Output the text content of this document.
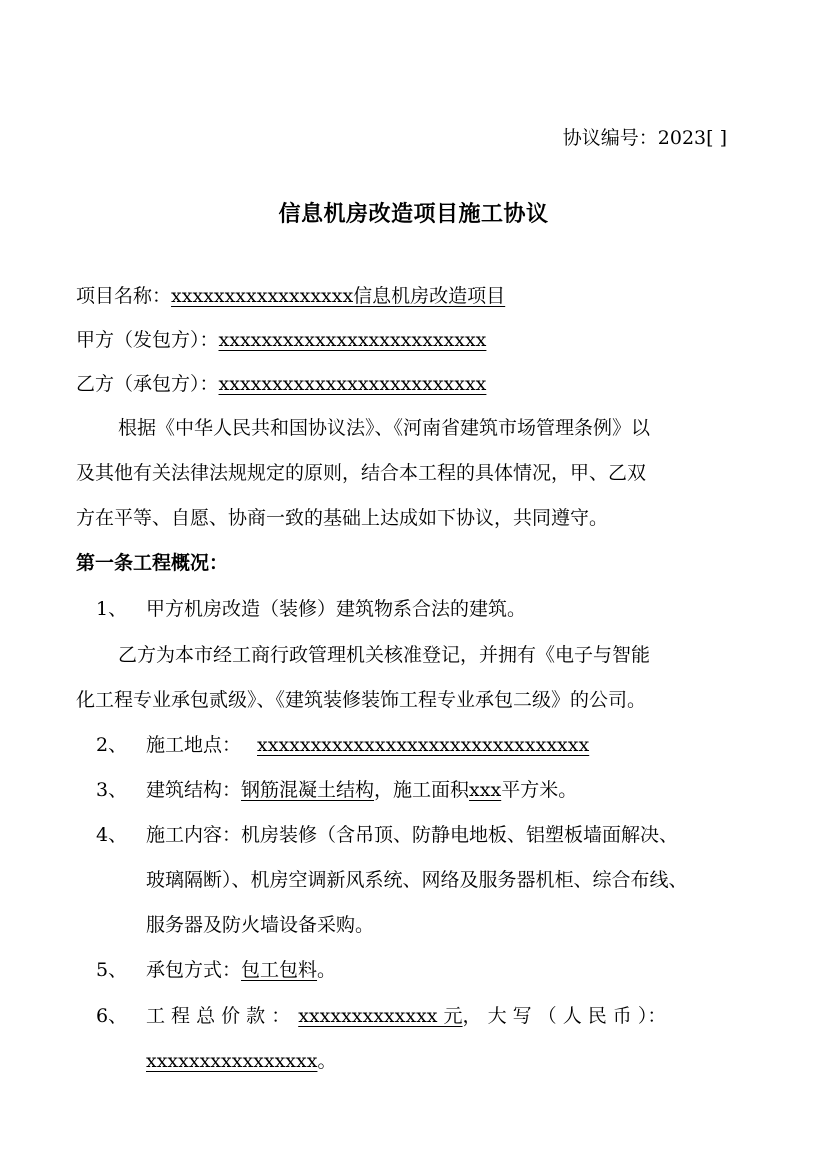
协议编号：2023[ ]
信息机房改造项目施工协议
项目名称：xxxxxxxxxxxxxxxxx信息机房改造项目
甲方（发包方）：xxxxxxxxxxxxxxxxxxxxxxxxx
乙方（承包方）：xxxxxxxxxxxxxxxxxxxxxxxxx
根据《中华人民共和国协议法》、《河南省建筑市场管理条例》以
及其他有关法律法规规定的原则，结合本工程的具体情况，甲、乙双
方在平等、自愿、协商一致的基础上达成如下协议，共同遵守。
第一条工程概况：
1、 甲方机房改造（装修）建筑物系合法的建筑。
乙方为本市经工商行政管理机关核准登记，并拥有《电子与智能
化工程专业承包贰级》、《建筑装修装饰工程专业承包二级》的公司。
2、 施工地点： xxxxxxxxxxxxxxxxxxxxxxxxxxxxxxx
3、 建筑结构：钢筋混凝土结构，施工面积xxx平方米。
4、 施工内容：机房装修（含吊顶、防静电地板、铝塑板墙面解决、
玻璃隔断）、机房空调新风系统、网络及服务器机柜、综合布线、
服务器及防火墙设备采购。
5、 承包方式：包工包料。
6、 工 程 总 价 款 ： xxxxxxxxxxxxx 元， 大 写 （ 人 民 币 ）：
xxxxxxxxxxxxxxxx。
